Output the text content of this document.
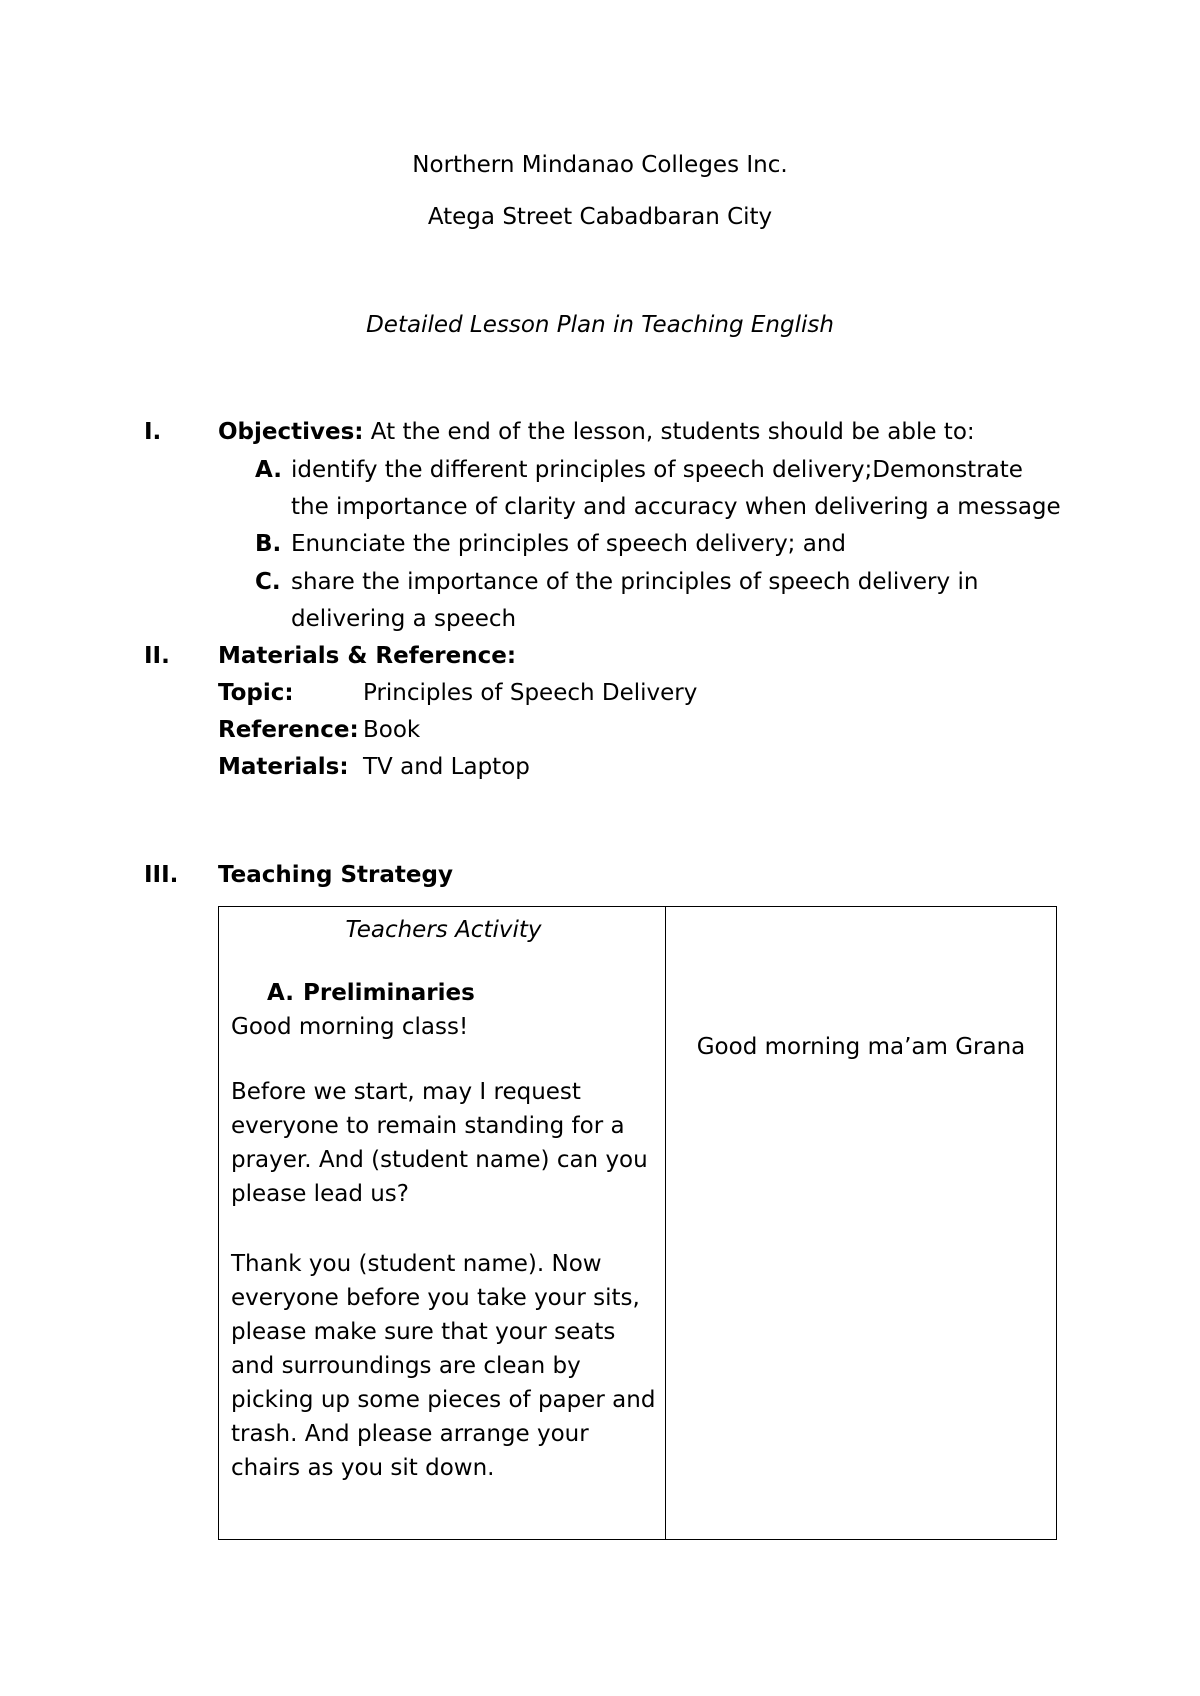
Northern Mindanao Colleges Inc.
Atega Street Cabadbaran City
Detailed Lesson Plan in Teaching English
I. Objectives: At the end of the lesson, students should be able to:
A. identify the different principles of speech delivery;Demonstrate
the importance of clarity and accuracy when delivering a message
B. Enunciate the principles of speech delivery; and
C. share the importance of the principles of speech delivery in
delivering a speech
II. Materials & Reference:
Topic:	Principles of Speech Delivery
Reference: Book
Materials: TV and Laptop
III. Teaching Strategy
Teachers Activity
A. Preliminaries
Good morning class!
Before we start, may I request everyone to remain standing for a prayer. And (student name) can you please lead us?
Thank you (student name). Now everyone before you take your sits, please make sure that your seats and surroundings are clean by picking up some pieces of paper and trash. And please arrange your chairs as you sit down.
Good morning ma’am Grana
